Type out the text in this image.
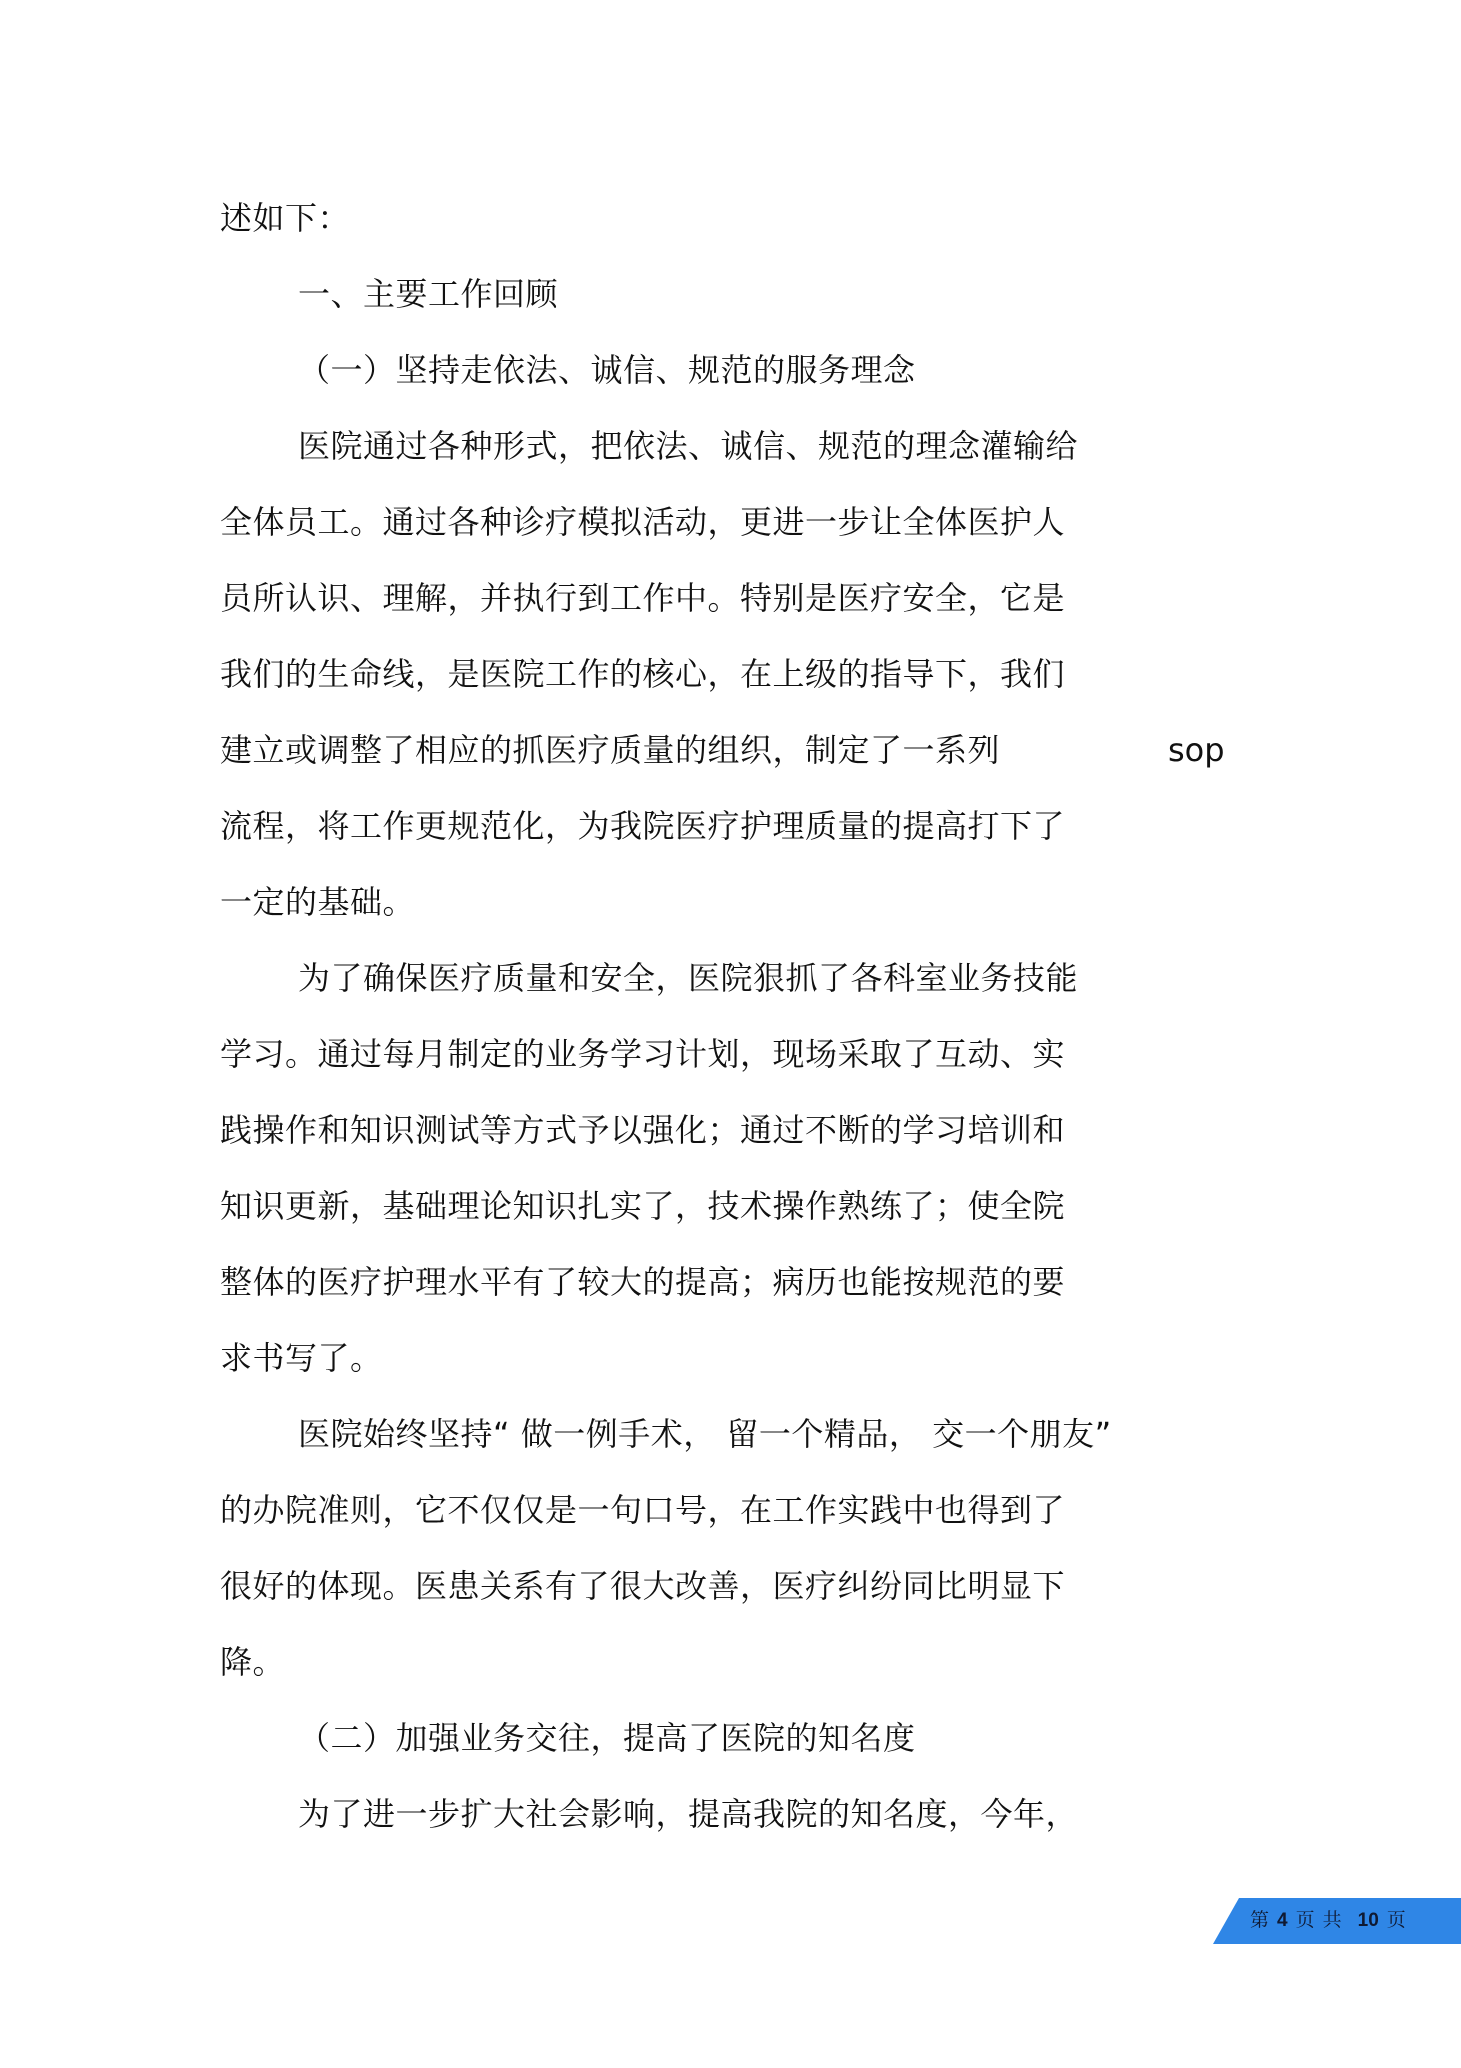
述如下：
一、主要工作回顾
（一）坚持走依法、诚信、规范的服务理念
医院通过各种形式，把依法、诚信、规范的理念灌输给
全体员工。通过各种诊疗模拟活动，更进一步让全体医护人
员所认识、理解，并执行到工作中。特别是医疗安全，它是
我们的生命线，是医院工作的核心，在上级的指导下，我们
建立或调整了相应的抓医疗质量的组织，制定了一系列	sop
流程，将工作更规范化，为我院医疗护理质量的提高打下了
一定的基础。
为了确保医疗质量和安全，医院狠抓了各科室业务技能
学习。通过每月制定的业务学习计划，现场采取了互动、实
践操作和知识测试等方式予以强化；通过不断的学习培训和
知识更新，基础理论知识扎实了，技术操作熟练了；使全院
整体的医疗护理水平有了较大的提高；病历也能按规范的要
求书写了。
医院始终坚持“ 做一例手术， 留一个精品， 交一个朋友”
的办院准则，它不仅仅是一句口号，在工作实践中也得到了
很好的体现。医患关系有了很大改善，医疗纠纷同比明显下
降。
（二）加强业务交往，提高了医院的知名度
为了进一步扩大社会影响，提高我院的知名度，今年，
第 4 页 共 10 页
